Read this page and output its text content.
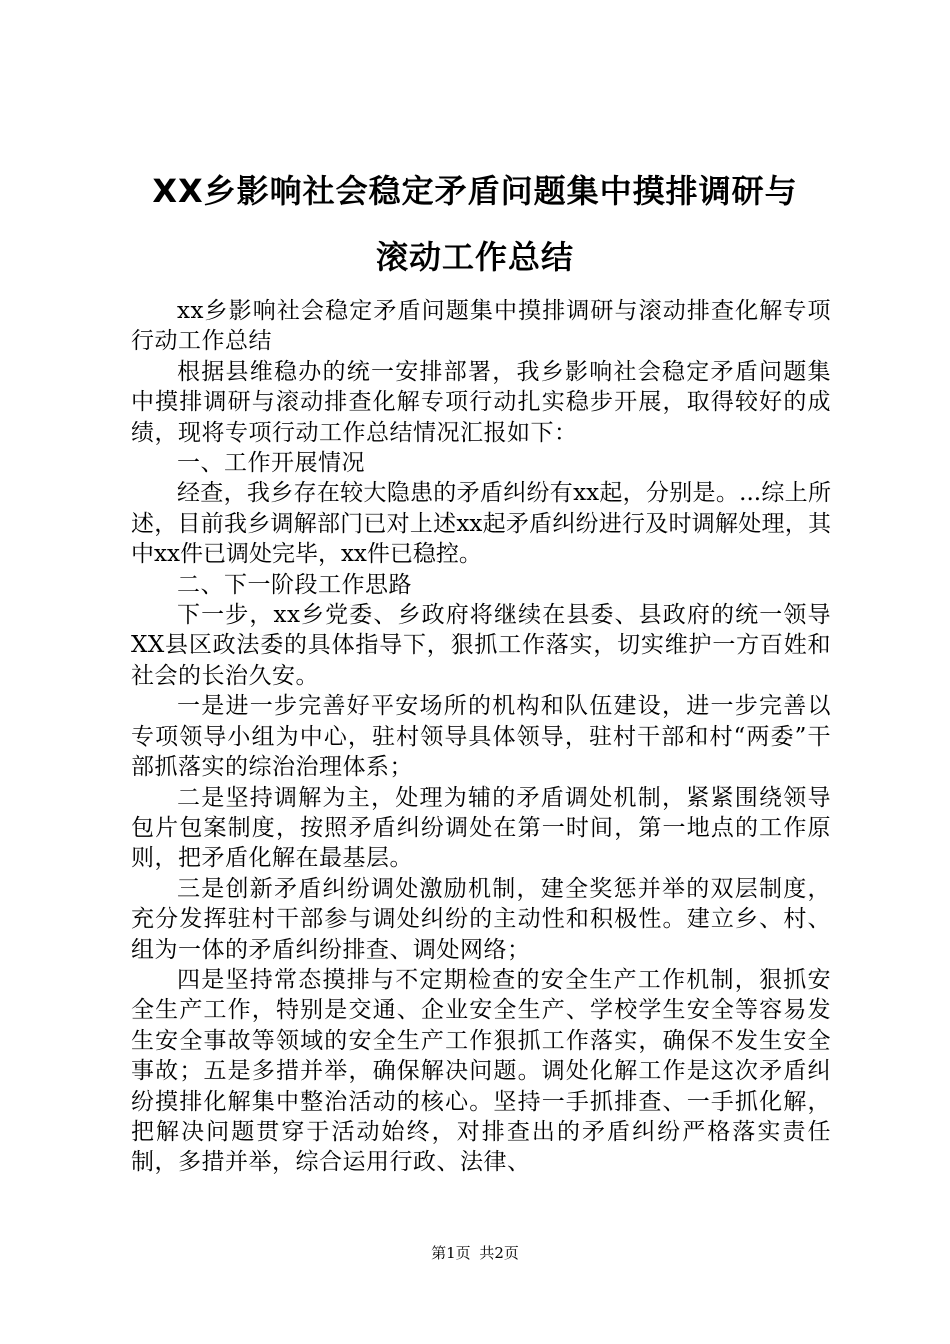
XX乡影响社会稳定矛盾问题集中摸排调研与
滚动工作总结

xx乡影响社会稳定矛盾问题集中摸排调研与滚动排查化解专项行动工作总结

根据县维稳办的统一安排部署，我乡影响社会稳定矛盾问题集中摸排调研与滚动排查化解专项行动扎实稳步开展，取得较好的成绩，现将专项行动工作总结情况汇报如下：

一、工作开展情况

经查，我乡存在较大隐患的矛盾纠纷有xx起，分别是。...综上所述，目前我乡调解部门已对上述xx起矛盾纠纷进行及时调解处理，其中xx件已调处完毕，xx件已稳控。

二、下一阶段工作思路

下一步，xx乡党委、乡政府将继续在县委、县政府的统一领导XX县区政法委的具体指导下，狠抓工作落实，切实维护一方百姓和社会的长治久安。

一是进一步完善好平安场所的机构和队伍建设，进一步完善以专项领导小组为中心，驻村领导具体领导，驻村干部和村“两委”干部抓落实的综治治理体系；

二是坚持调解为主，处理为辅的矛盾调处机制，紧紧围绕领导包片包案制度，按照矛盾纠纷调处在第一时间，第一地点的工作原则，把矛盾化解在最基层。

三是创新矛盾纠纷调处激励机制，建全奖惩并举的双层制度，充分发挥驻村干部参与调处纠纷的主动性和积极性。建立乡、村、组为一体的矛盾纠纷排查、调处网络；

四是坚持常态摸排与不定期检查的安全生产工作机制，狠抓安全生产工作，特别是交通、企业安全生产、学校学生安全等容易发生安全事故等领域的安全生产工作狠抓工作落实，确保不发生安全事故；五是多措并举，确保解决问题。调处化解工作是这次矛盾纠纷摸排化解集中整治活动的核心。坚持一手抓排查、一手抓化解，把解决问题贯穿于活动始终，对排查出的矛盾纠纷严格落实责任制，多措并举，综合运用行政、法律、

第1页 共2页
